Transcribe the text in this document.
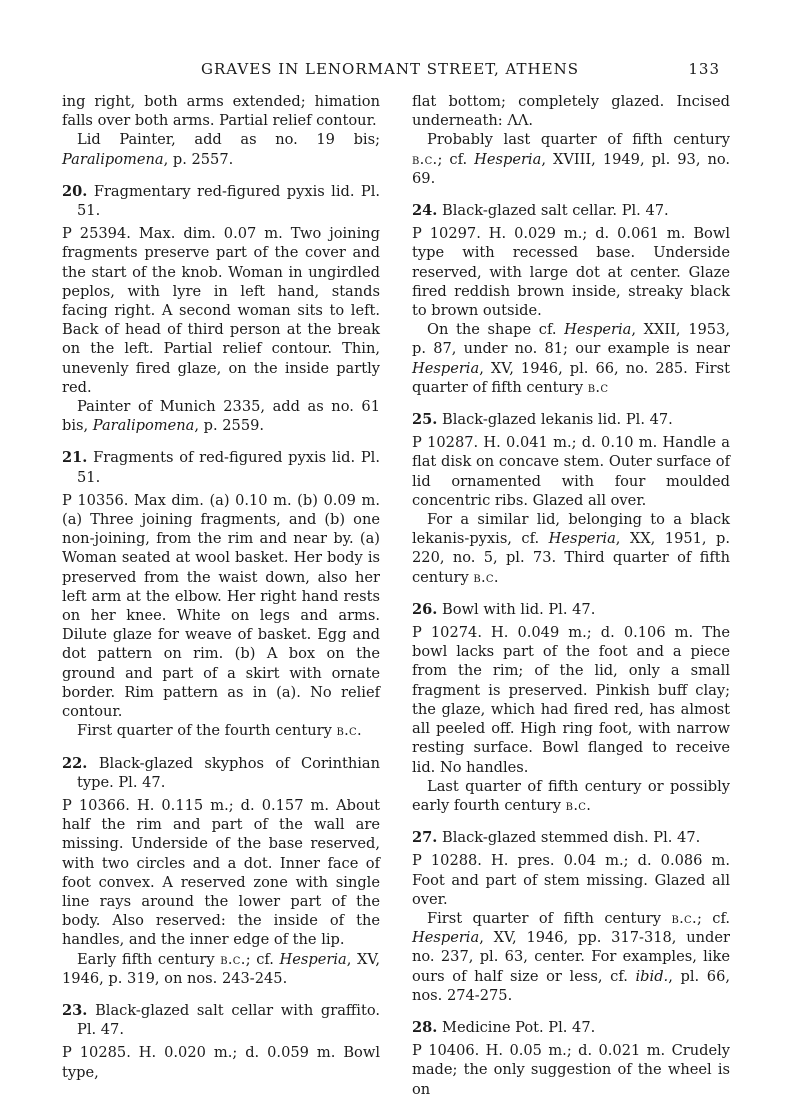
GRAVES IN LENORMANT STREET, ATHENS	133

ing right, both arms extended; himation falls over both arms. Partial relief contour.

Lid Painter, add as no. 19 bis; Paralipomena, p. 2557.

20. Fragmentary red-figured pyxis lid. Pl. 51.

P 25394. Max. dim. 0.07 m. Two joining fragments preserve part of the cover and the start of the knob. Woman in ungirdled peplos, with lyre in left hand, stands facing right. A second woman sits to left. Back of head of third person at the break on the left. Partial relief contour. Thin, unevenly fired glaze, on the inside partly red.

Painter of Munich 2335, add as no. 61 bis, Paralipomena, p. 2559.

21. Fragments of red-figured pyxis lid. Pl. 51.

P 10356. Max dim. (a) 0.10 m. (b) 0.09 m. (a) Three joining fragments, and (b) one non-joining, from the rim and near by. (a) Woman seated at wool basket. Her body is preserved from the waist down, also her left arm at the elbow. Her right hand rests on her knee. White on legs and arms. Dilute glaze for weave of basket. Egg and dot pattern on rim. (b) A box on the ground and part of a skirt with ornate border. Rim pattern as in (a). No relief contour.

First quarter of the fourth century b.c.

22. Black-glazed skyphos of Corinthian type. Pl. 47.

P 10366. H. 0.115 m.; d. 0.157 m. About half the rim and part of the wall are missing. Underside of the base reserved, with two circles and a dot. Inner face of foot convex. A reserved zone with single line rays around the lower part of the body. Also reserved: the inside of the handles, and the inner edge of the lip.

Early fifth century b.c.; cf. Hesperia, XV, 1946, p. 319, on nos. 243-245.

23. Black-glazed salt cellar with graffito. Pl. 47.

P 10285. H. 0.020 m.; d. 0.059 m. Bowl type,

flat bottom; completely glazed. Incised underneath: ΛΛ.

Probably last quarter of fifth century b.c.; cf. Hesperia, XVIII, 1949, pl. 93, no. 69.

24. Black-glazed salt cellar. Pl. 47.

P 10297. H. 0.029 m.; d. 0.061 m. Bowl type with recessed base. Underside reserved, with large dot at center. Glaze fired reddish brown inside, streaky black to brown outside.

On the shape cf. Hesperia, XXII, 1953, p. 87, under no. 81; our example is near Hesperia, XV, 1946, pl. 66, no. 285. First quarter of fifth century b.c

25. Black-glazed lekanis lid. Pl. 47.

P 10287. H. 0.041 m.; d. 0.10 m. Handle a flat disk on concave stem. Outer surface of lid ornamented with four moulded concentric ribs. Glazed all over.

For a similar lid, belonging to a black lekanis-pyxis, cf. Hesperia, XX, 1951, p. 220, no. 5, pl. 73. Third quarter of fifth century b.c.

26. Bowl with lid. Pl. 47.

P 10274. H. 0.049 m.; d. 0.106 m. The bowl lacks part of the foot and a piece from the rim; of the lid, only a small fragment is preserved. Pinkish buff clay; the glaze, which had fired red, has almost all peeled off. High ring foot, with narrow resting surface. Bowl flanged to receive lid. No handles.

Last quarter of fifth century or possibly early fourth century b.c.

27. Black-glazed stemmed dish. Pl. 47.

P 10288. H. pres. 0.04 m.; d. 0.086 m. Foot and part of stem missing. Glazed all over.

First quarter of fifth century b.c.; cf. Hesperia, XV, 1946, pp. 317-318, under no. 237, pl. 63, center. For examples, like ours of half size or less, cf. ibid., pl. 66, nos. 274-275.

28. Medicine Pot. Pl. 47.

P 10406. H. 0.05 m.; d. 0.021 m. Crudely made; the only suggestion of the wheel is on
